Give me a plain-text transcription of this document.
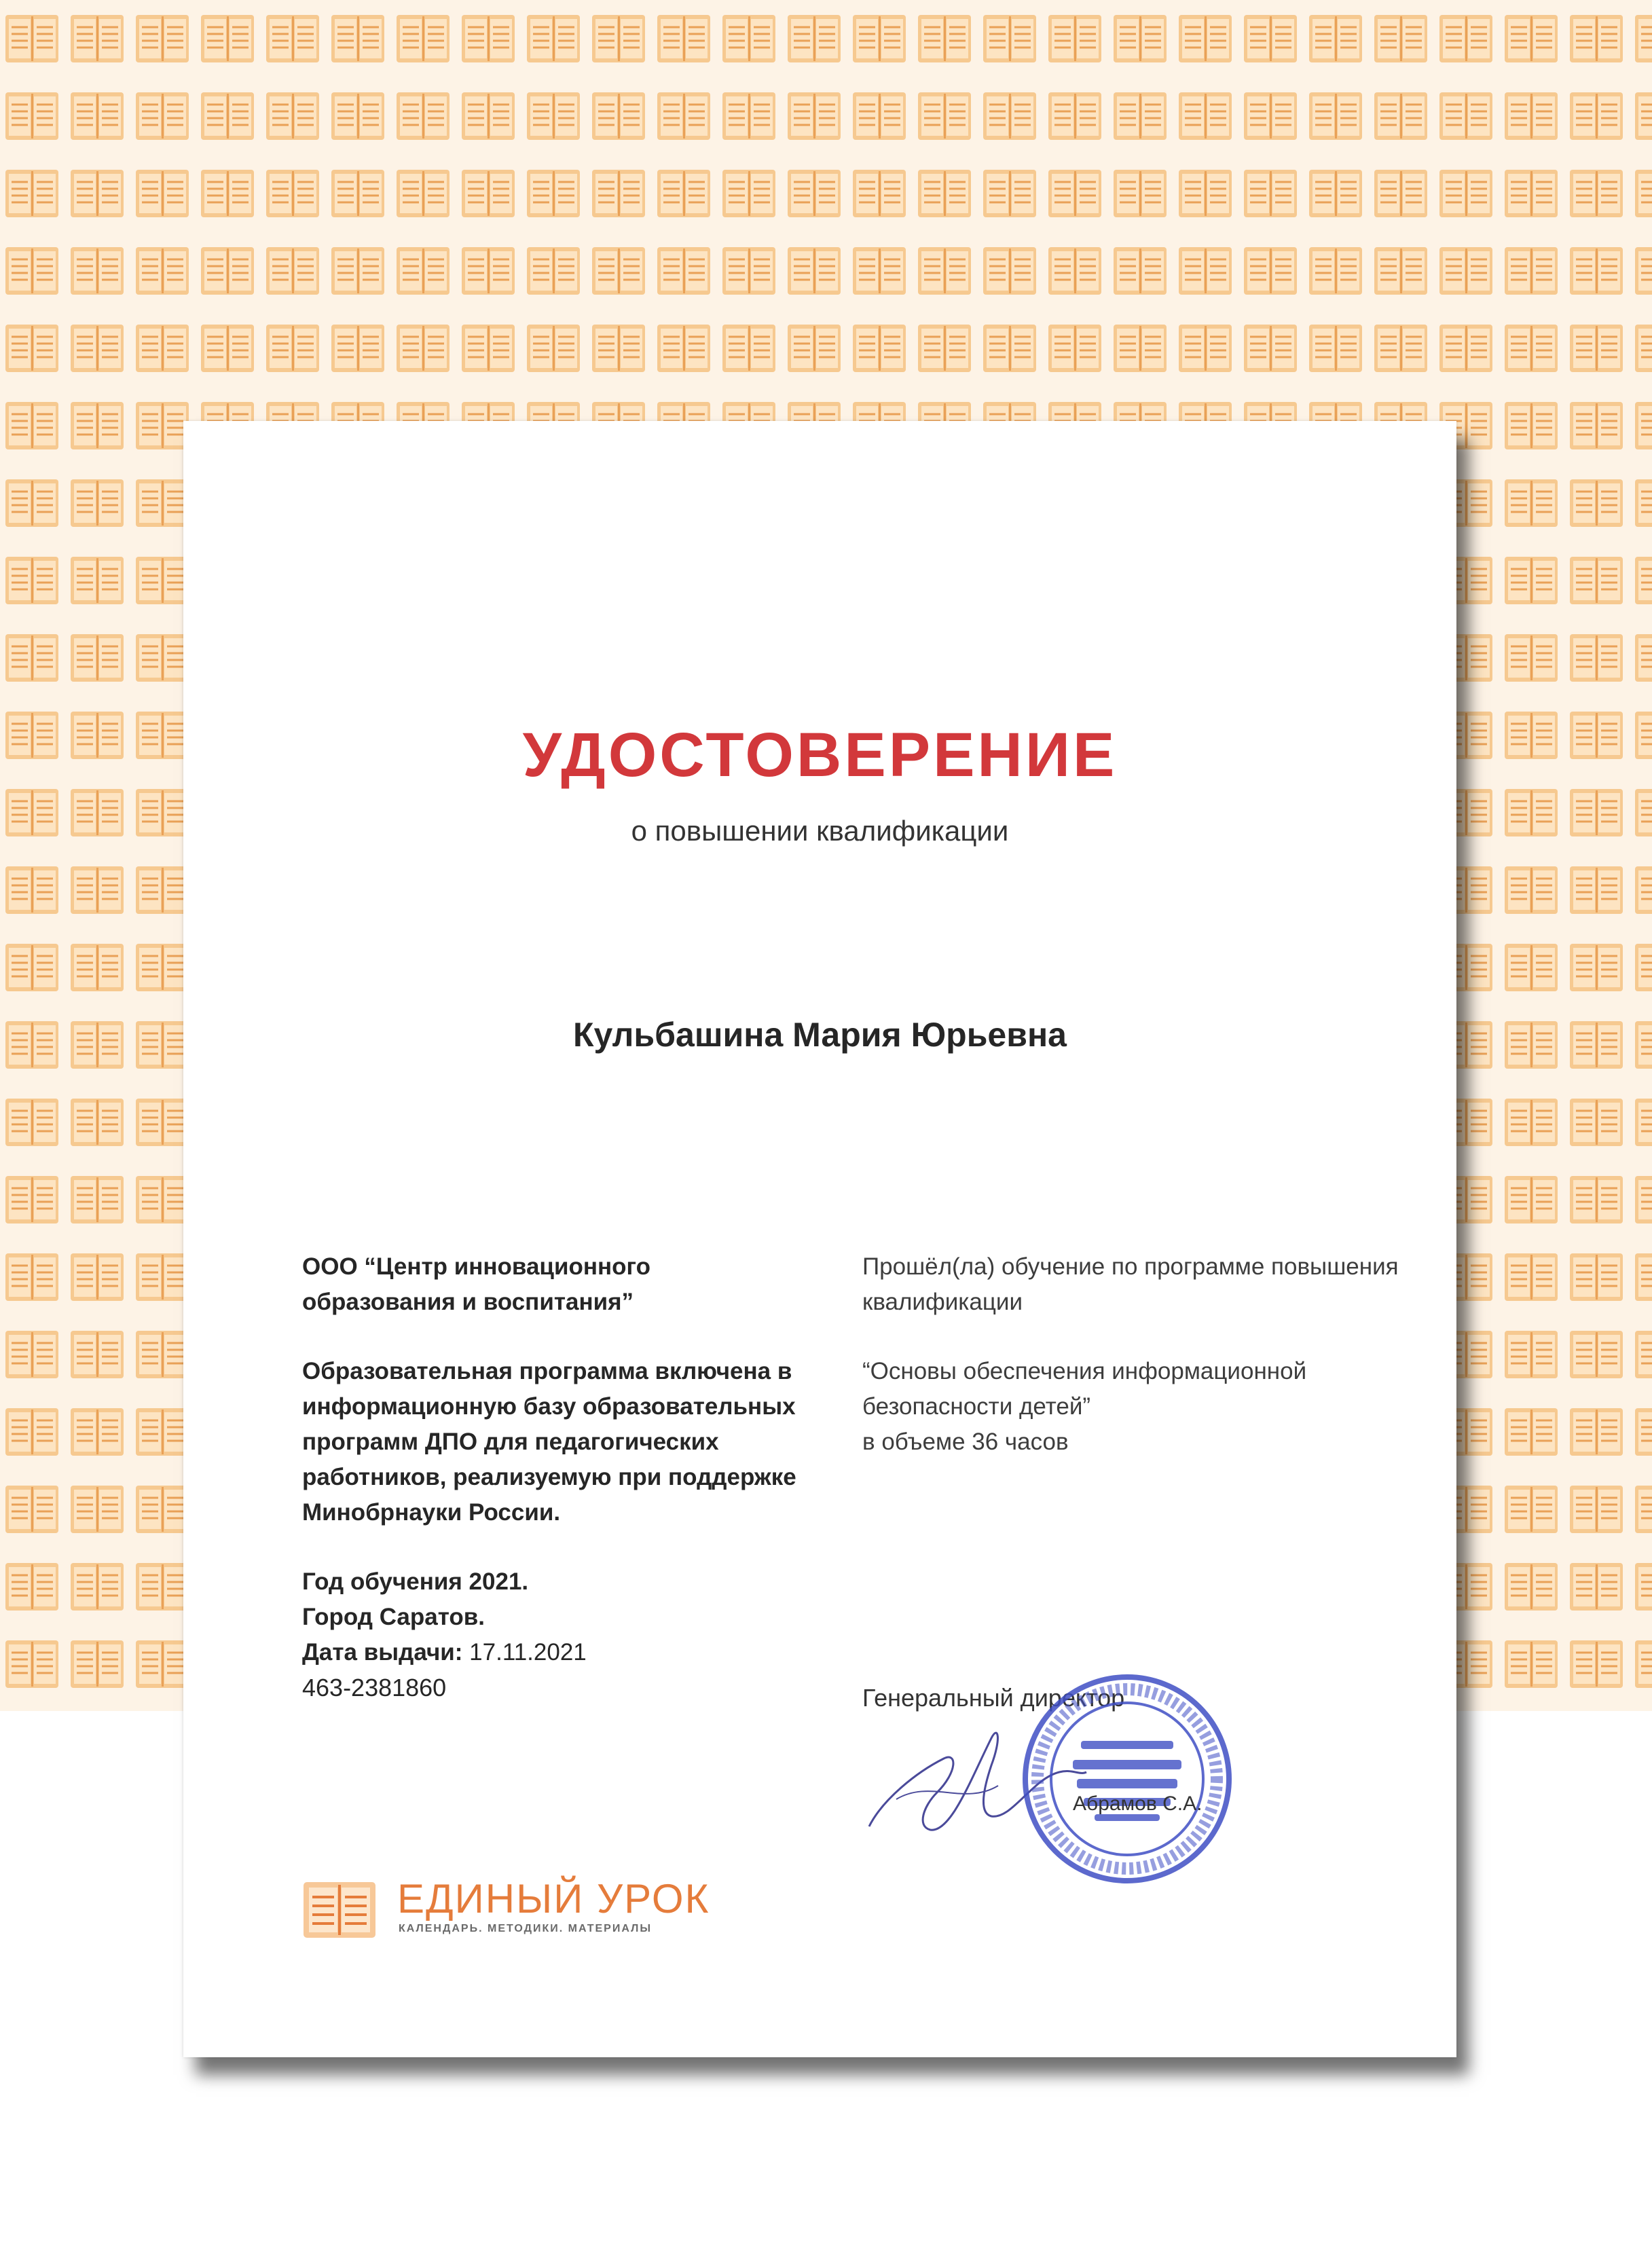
УДОСТОВЕРЕНИЕ

о повышении квалификации

Кульбашина Мария Юрьевна

ООО “Центр инновационного образования и воспитания”

Образовательная программа включена в информационную базу образовательных программ ДПО для педагогических работников, реализуемую при поддержке Минобрнауки России.

Год обучения 2021.

Город Саратов.

Дата выдачи: 17.11.2021

463-2381860

Прошёл(ла) обучение по программе повышения квалификации

“Основы обеспечения информационной безопасности детей”

в объеме 36 часов

Генеральный директор

Абрамов С.А.

ЕДИНЫЙ УРОК

КАЛЕНДАРЬ. МЕТОДИКИ. МАТЕРИАЛЫ
